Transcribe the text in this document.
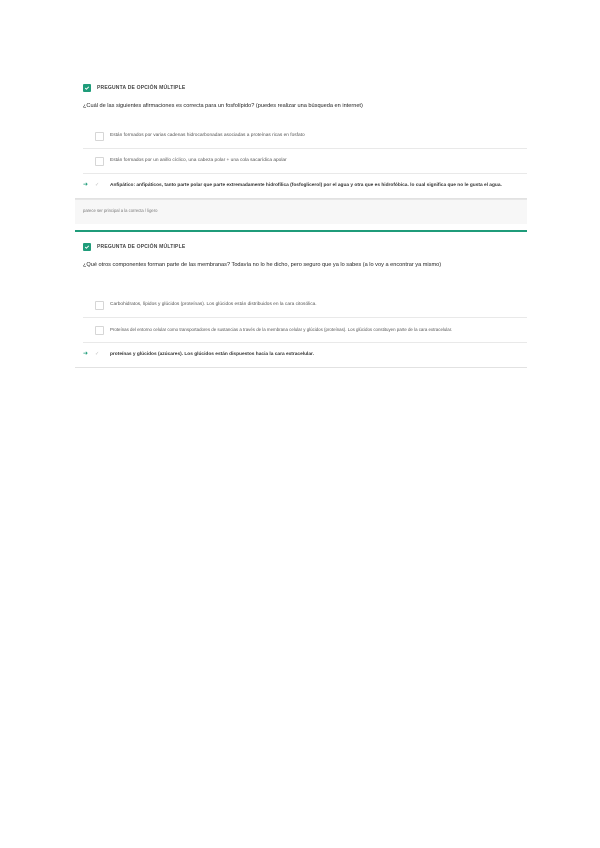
PREGUNTA DE OPCIÓN MÚLTIPLE
¿Cuál de las siguientes afirmaciones es correcta para un fosfolípido? (puedes realizar una búsqueda en internet)
Están formados por varias cadenas hidrocarbonadas asociadas a proteínas ricas en fosfato
Están formados por un anillo cíclico, una cabeza polar + una cola sacarídica apolar
➜ ✓ Anfipático: anfipáticos, tanto parte polar que parte extremadamente hidrofílica (fosfoglicerol) por el agua y otra que es hidrofóbica. lo cual significa que no le gusta el agua.
parece ser principal a la correcta / ligero
PREGUNTA DE OPCIÓN MÚLTIPLE
¿Qué otros componentes forman parte de las membranas? Todavía no lo he dicho, pero seguro que ya lo sabes (a lo voy a encontrar ya mismo)
Carbohidratos, lípidos y glúcidos (proteínas). Los glúcidos están distribuidos en la cara citosólica.
Proteínas del entorno celular como transportadores de sustancias a través de la membrana celular y glúcidos (proteínas). Los glúcidos constituyen parte de la cara extracelular.
➜ ✓ proteínas y glúcidos (azúcares). Los glúcidos están dispuestos hacia la cara extracelular.
